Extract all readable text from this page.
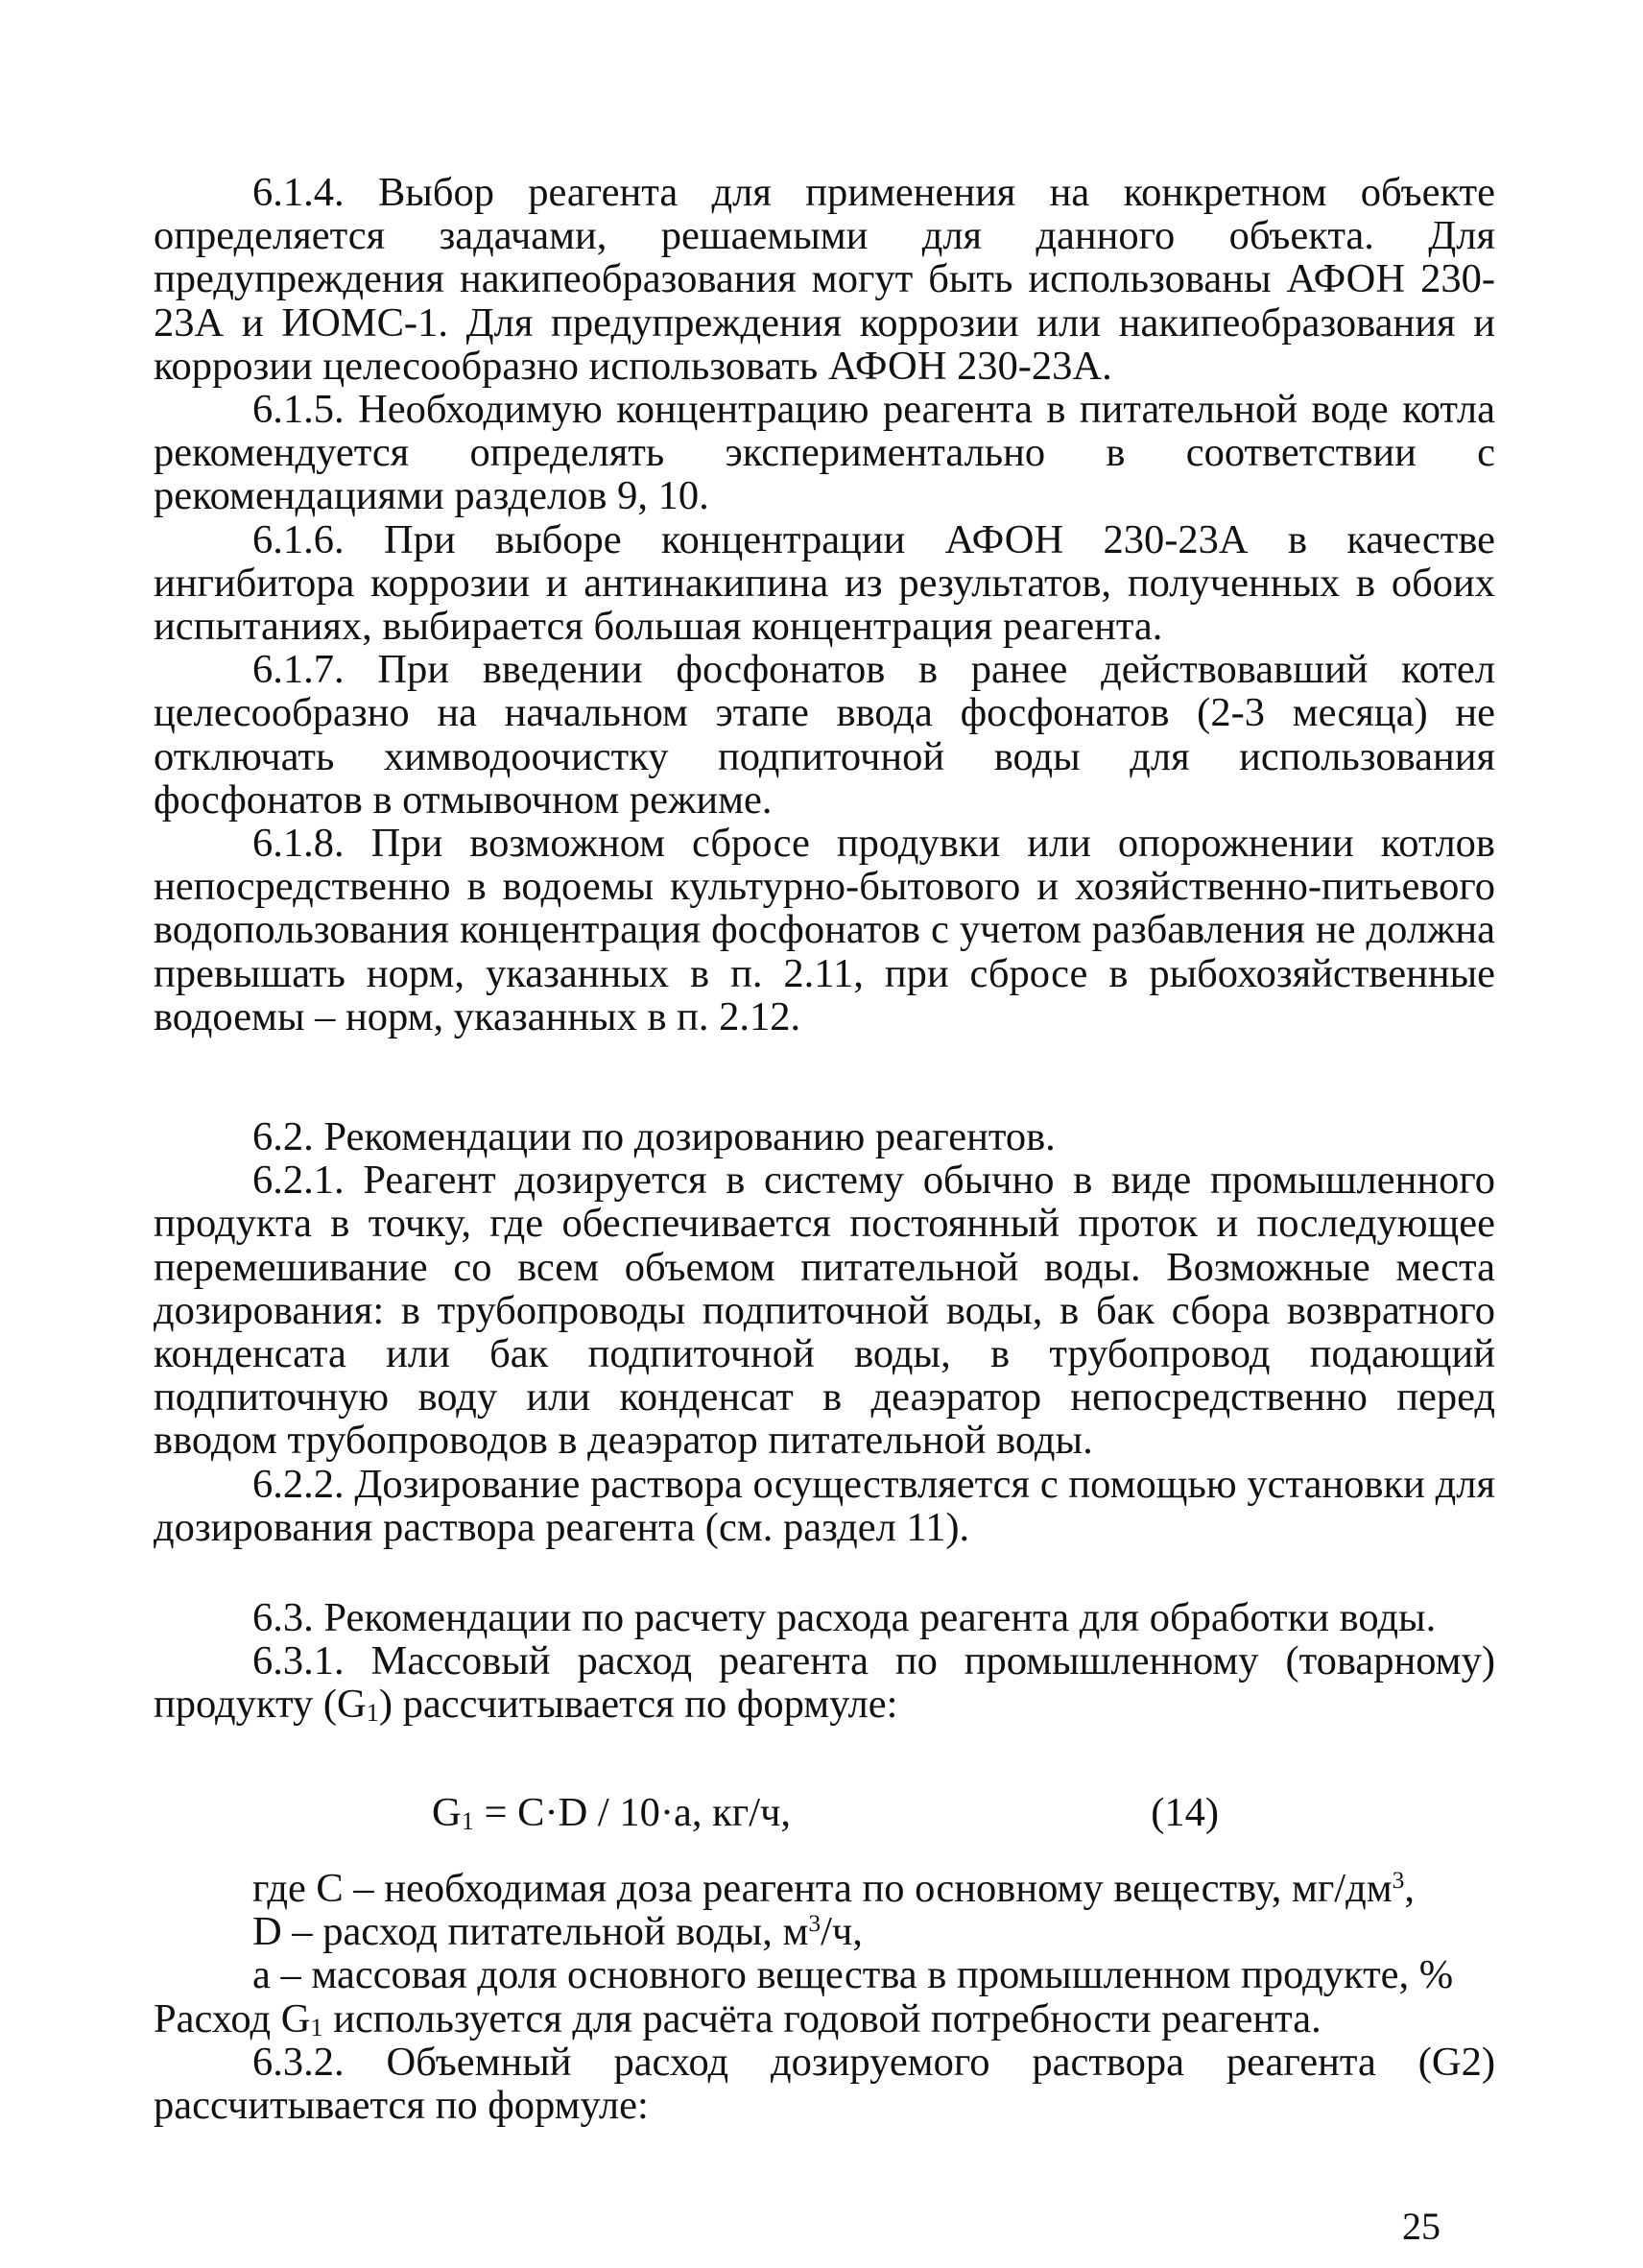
6.1.4. Выбор реагента для применения на конкретном объекте определяется задачами, решаемыми для данного объекта. Для предупреждения накипеобразования могут быть использованы АФОН 230-23А и ИОМС-1. Для предупреждения коррозии или накипеобразования и коррозии целесообразно использовать АФОН 230-23А.

6.1.5. Необходимую концентрацию реагента в питательной воде котла рекомендуется определять экспериментально в соответствии с рекомендациями разделов 9, 10.

6.1.6. При выборе концентрации АФОН 230-23А в качестве ингибитора коррозии и антинакипина из результатов, полученных в обоих испытаниях, выбирается большая концентрация реагента.

6.1.7. При введении фосфонатов в ранее действовавший котел целесообразно на начальном этапе ввода фосфонатов (2-3 месяца) не отключать химводоочистку подпиточной воды для использования фосфонатов в отмывочном режиме.

6.1.8. При возможном сбросе продувки или опорожнении котлов непосредственно в водоемы культурно-бытового и хозяйственно-питьевого водопользования концентрация фосфонатов с учетом разбавления не должна превышать норм, указанных в п. 2.11, при сбросе в рыбохозяйственные водоемы – норм, указанных в п. 2.12.

6.2. Рекомендации по дозированию реагентов.

6.2.1. Реагент дозируется в систему обычно в виде промышленного продукта в точку, где обеспечивается постоянный проток и последующее перемешивание со всем объемом питательной воды. Возможные места дозирования: в трубопроводы подпиточной воды, в бак сбора возвратного конденсата или бак подпиточной воды, в трубопровод подающий подпиточную воду или конденсат в деаэратор непосредственно перед вводом трубопроводов в деаэратор питательной воды.

6.2.2. Дозирование раствора осуществляется с помощью установки для дозирования раствора реагента (см. раздел 11).

6.3. Рекомендации по расчету расхода реагента для обработки воды.

6.3.1. Массовый расход реагента по промышленному (товарному) продукту $(G_1)$ рассчитывается по формуле:

$G_1 = C\cdot D / 10\cdot a$, кг/ч,	(14)

где C – необходимая доза реагента по основному веществу, $мг/дм^3$,

D – расход питательной воды, $м^3/ч$,

а – массовая доля основного вещества в промышленном продукте, %

Расход $G_1$ используется для расчёта годовой потребности реагента.

6.3.2. Объемный расход дозируемого раствора реагента (G2) рассчитывается по формуле:

25
